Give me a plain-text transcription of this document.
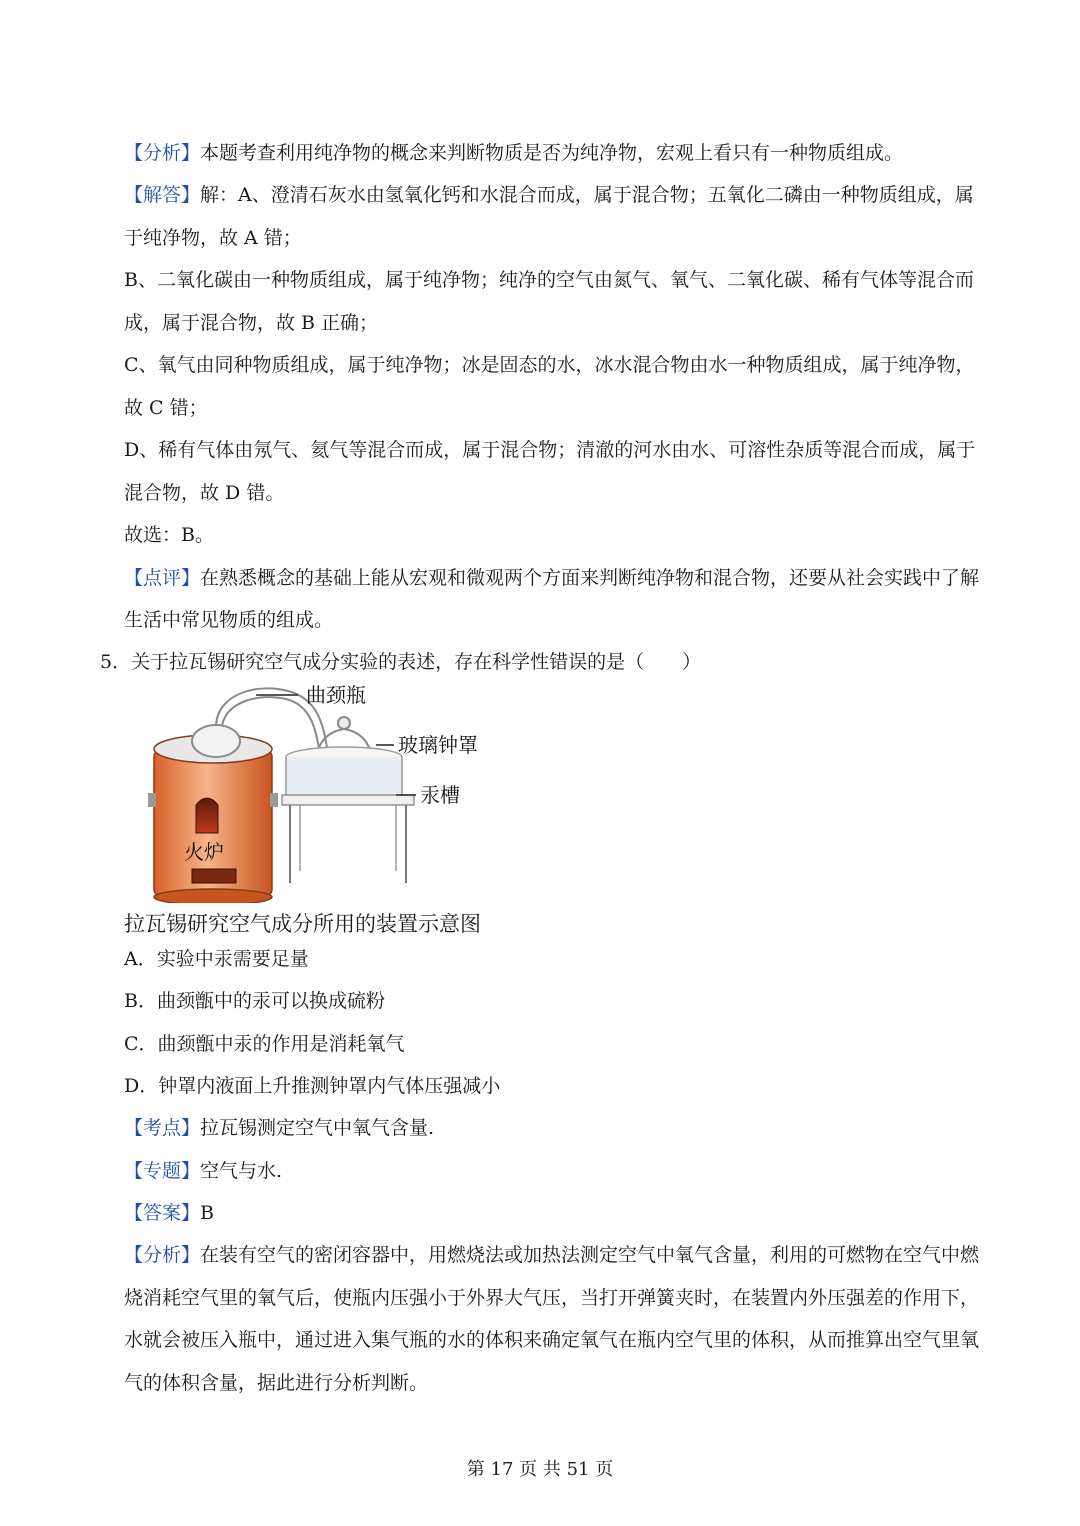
【分析】本题考查利用纯净物的概念来判断物质是否为纯净物，宏观上看只有一种物质组成。
【解答】解：A、澄清石灰水由氢氧化钙和水混合而成，属于混合物；五氧化二磷由一种物质组成，属
于纯净物，故 A 错；
B、二氧化碳由一种物质组成，属于纯净物；纯净的空气由氮气、氧气、二氧化碳、稀有气体等混合而
成，属于混合物，故 B 正确；
C、氧气由同种物质组成，属于纯净物；冰是固态的水，冰水混合物由水一种物质组成，属于纯净物，
故 C 错；
D、稀有气体由氖气、氦气等混合而成，属于混合物；清澈的河水由水、可溶性杂质等混合而成，属于
混合物，故 D 错。
故选：B。
【点评】在熟悉概念的基础上能从宏观和微观两个方面来判断纯净物和混合物，还要从社会实践中了解
生活中常见物质的组成。
5．关于拉瓦锡研究空气成分实验的表述，存在科学性错误的是（　　）
火炉
曲颈瓶
玻璃钟罩
汞槽
拉瓦锡研究空气成分所用的装置示意图
A．实验中汞需要足量
B．曲颈甑中的汞可以换成硫粉
C．曲颈甑中汞的作用是消耗氧气
D．钟罩内液面上升推测钟罩内气体压强减小
【考点】拉瓦锡测定空气中氧气含量.
【专题】空气与水.
【答案】B
【分析】在装有空气的密闭容器中，用燃烧法或加热法测定空气中氧气含量，利用的可燃物在空气中燃
烧消耗空气里的氧气后，使瓶内压强小于外界大气压，当打开弹簧夹时，在装置内外压强差的作用下，
水就会被压入瓶中，通过进入集气瓶的水的体积来确定氧气在瓶内空气里的体积，从而推算出空气里氧
气的体积含量，据此进行分析判断。
第 17 页 共 51 页
